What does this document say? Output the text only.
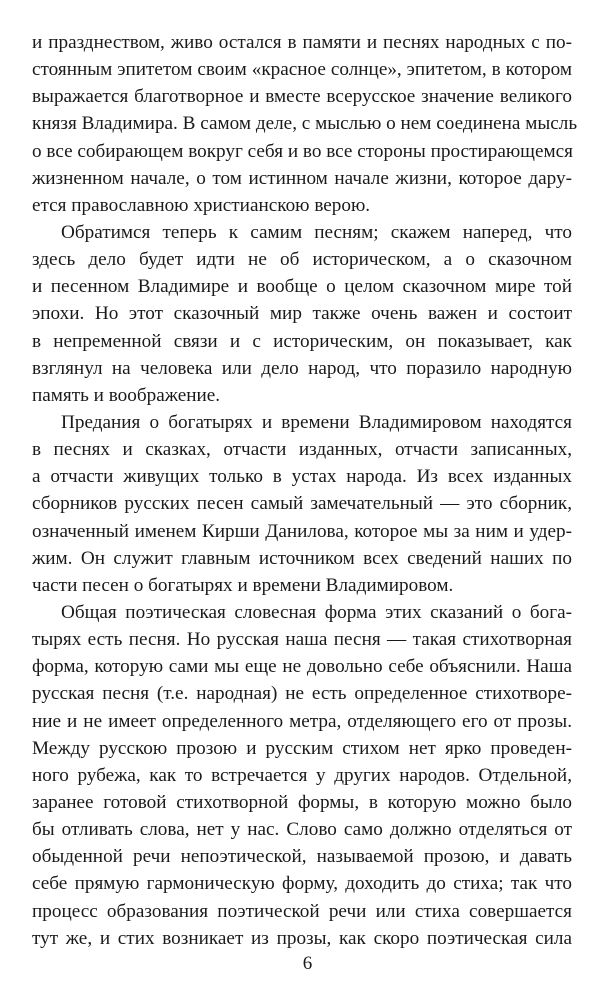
и празднеством, живо остался в памяти и песнях народных с по-
стоянным эпитетом своим «красное солнце», эпитетом, в котором
выражается благотворное и вместе всерусское значение великого
князя Владимира. В самом деле, с мыслью о нем соединена мысль
о все собирающем вокруг себя и во все стороны простирающемся
жизненном начале, о том истинном начале жизни, которое дару-
ется православною христианскою верою.
Обратимся теперь к самим песням; скажем наперед, что
здесь дело будет идти не об историческом, а о сказочном
и песенном Владимире и вообще о целом сказочном мире той
эпохи. Но этот сказочный мир также очень важен и состоит
в непременной связи и с историческим, он показывает, как
взглянул на человека или дело народ, что поразило народную
память и воображение.
Предания о богатырях и времени Владимировом находятся
в песнях и сказках, отчасти изданных, отчасти записанных,
а отчасти живущих только в устах народа. Из всех изданных
сборников русских песен самый замечательный — это сборник,
означенный именем Кирши Данилова, которое мы за ним и удер-
жим. Он служит главным источником всех сведений наших по
части песен о богатырях и времени Владимировом.
Общая поэтическая словесная форма этих сказаний о бога-
тырях есть песня. Но русская наша песня — такая стихотворная
форма, которую сами мы еще не довольно себе объяснили. Наша
русская песня (т.е. народная) не есть определенное стихотворе-
ние и не имеет определенного метра, отделяющего его от прозы.
Между русскою прозою и русским стихом нет ярко проведен-
ного рубежа, как то встречается у других народов. Отдельной,
заранее готовой стихотворной формы, в которую можно было
бы отливать слова, нет у нас. Слово само должно отделяться от
обыденной речи непоэтической, называемой прозою, и давать
себе прямую гармоническую форму, доходить до стиха; так что
процесс образования поэтической речи или стиха совершается
тут же, и стих возникает из прозы, как скоро поэтическая сила
6
